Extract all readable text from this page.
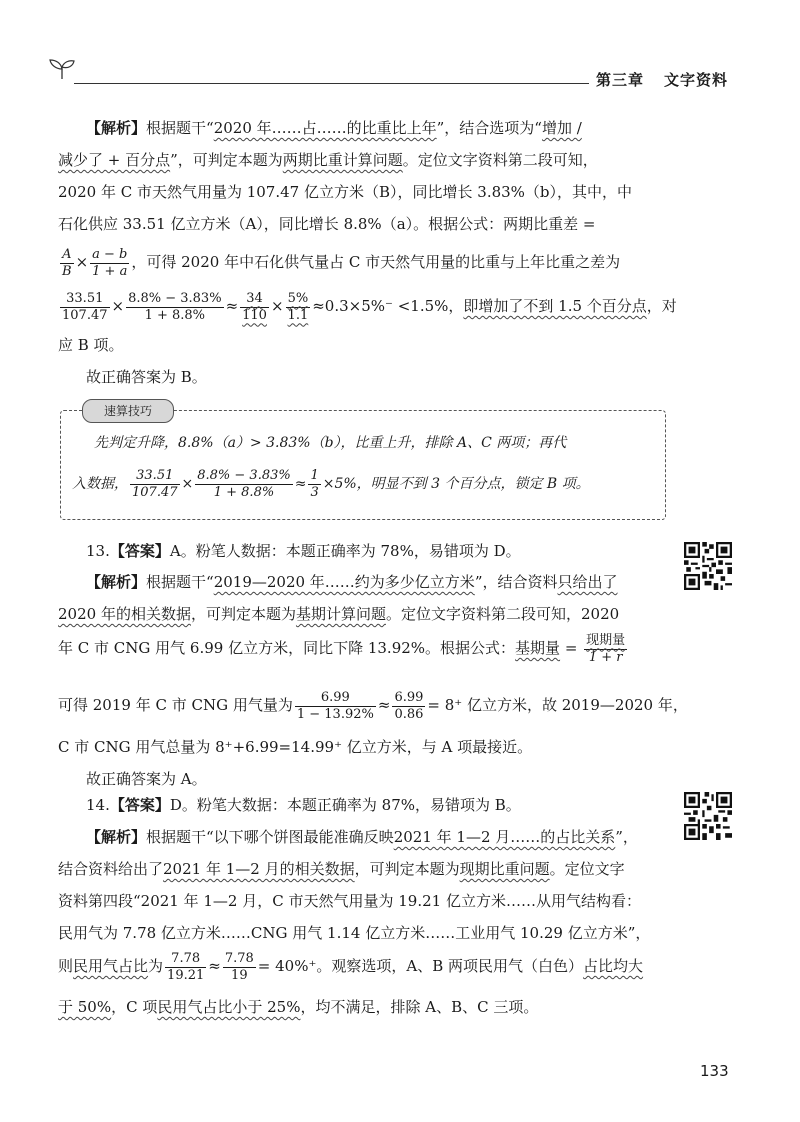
第三章 文字资料
【解析】根据题干“2020 年……占……的比重比上年”，结合选项为“增加 /
减少了 + 百分点”，可判定本题为两期比重计算问题。定位文字资料第二段可知，
2020 年 C 市天然气用量为 107.47 亿立方米（B），同比增长 3.83%（b），其中，中
石化供应 33.51 亿立方米（A），同比增长 8.8%（a）。根据公式：两期比重差 =
$\frac{A}{B} \times \frac{a - b}{1 + a}$ ，可得 2020 年中石化供气量占 C 市天然气用量的比重与上年比重之差为
$\frac{33.51}{107.47} \times \frac{8.8\% - 3.83\%}{1 + 8.8\%} \approx \frac{34}{110} \times \frac{5\%}{1.1} \approx 0.3\times 5\%^- <1.5\%$，即增加了不到 1.5 个百分点，对
应 B 项。
故正确答案为 B。
速算技巧
先判定升降，8.8%（a）> 3.83%（b），比重上升，排除 A、C 两项；再代
入数据， $\frac{33.51}{107.47} \times \frac{8.8\% - 3.83\%}{1 + 8.8\%} \approx \frac{1}{3} \times 5\%$，明显不到 3 个百分点，锁定 B 项。
13.【答案】A。粉笔人数据：本题正确率为 78%，易错项为 D。
【解析】根据题干“2019—2020 年……约为多少亿立方米”，结合资料只给出了
2020 年的相关数据，可判定本题为基期计算问题。定位文字资料第二段可知，2020
年 C 市 CNG 用气 6.99 亿立方米，同比下降 13.92%。根据公式：基期量 = $\frac{\text{现期量}}{1 + r}$
可得 2019 年 C 市 CNG 用气量为 $\frac{6.99}{1 - 13.92\%} \approx \frac{6.99}{0.86} = 8^+$ 亿立方米，故 2019—2020 年，
C 市 CNG 用气总量为 8⁺+6.99=14.99⁺ 亿立方米，与 A 项最接近。
故正确答案为 A。
14.【答案】D。粉笔大数据：本题正确率为 87%，易错项为 B。
【解析】根据题干“以下哪个饼图最能准确反映2021 年 1—2 月……的占比关系”，
结合资料给出了2021 年 1—2 月的相关数据，可判定本题为现期比重问题。定位文字
资料第四段“2021 年 1—2 月，C 市天然气用量为 19.21 亿立方米……从用气结构看：
民用气为 7.78 亿立方米……CNG 用气 1.14 亿立方米……工业用气 10.29 亿立方米”，
则民用气占比为 $\frac{7.78}{19.21} \approx \frac{7.78}{19} = 40\%^+$。观察选项，A、B 两项民用气（白色）占比均大
于 50%，C 项民用气占比小于 25%，均不满足，排除 A、B、C 三项。
133
